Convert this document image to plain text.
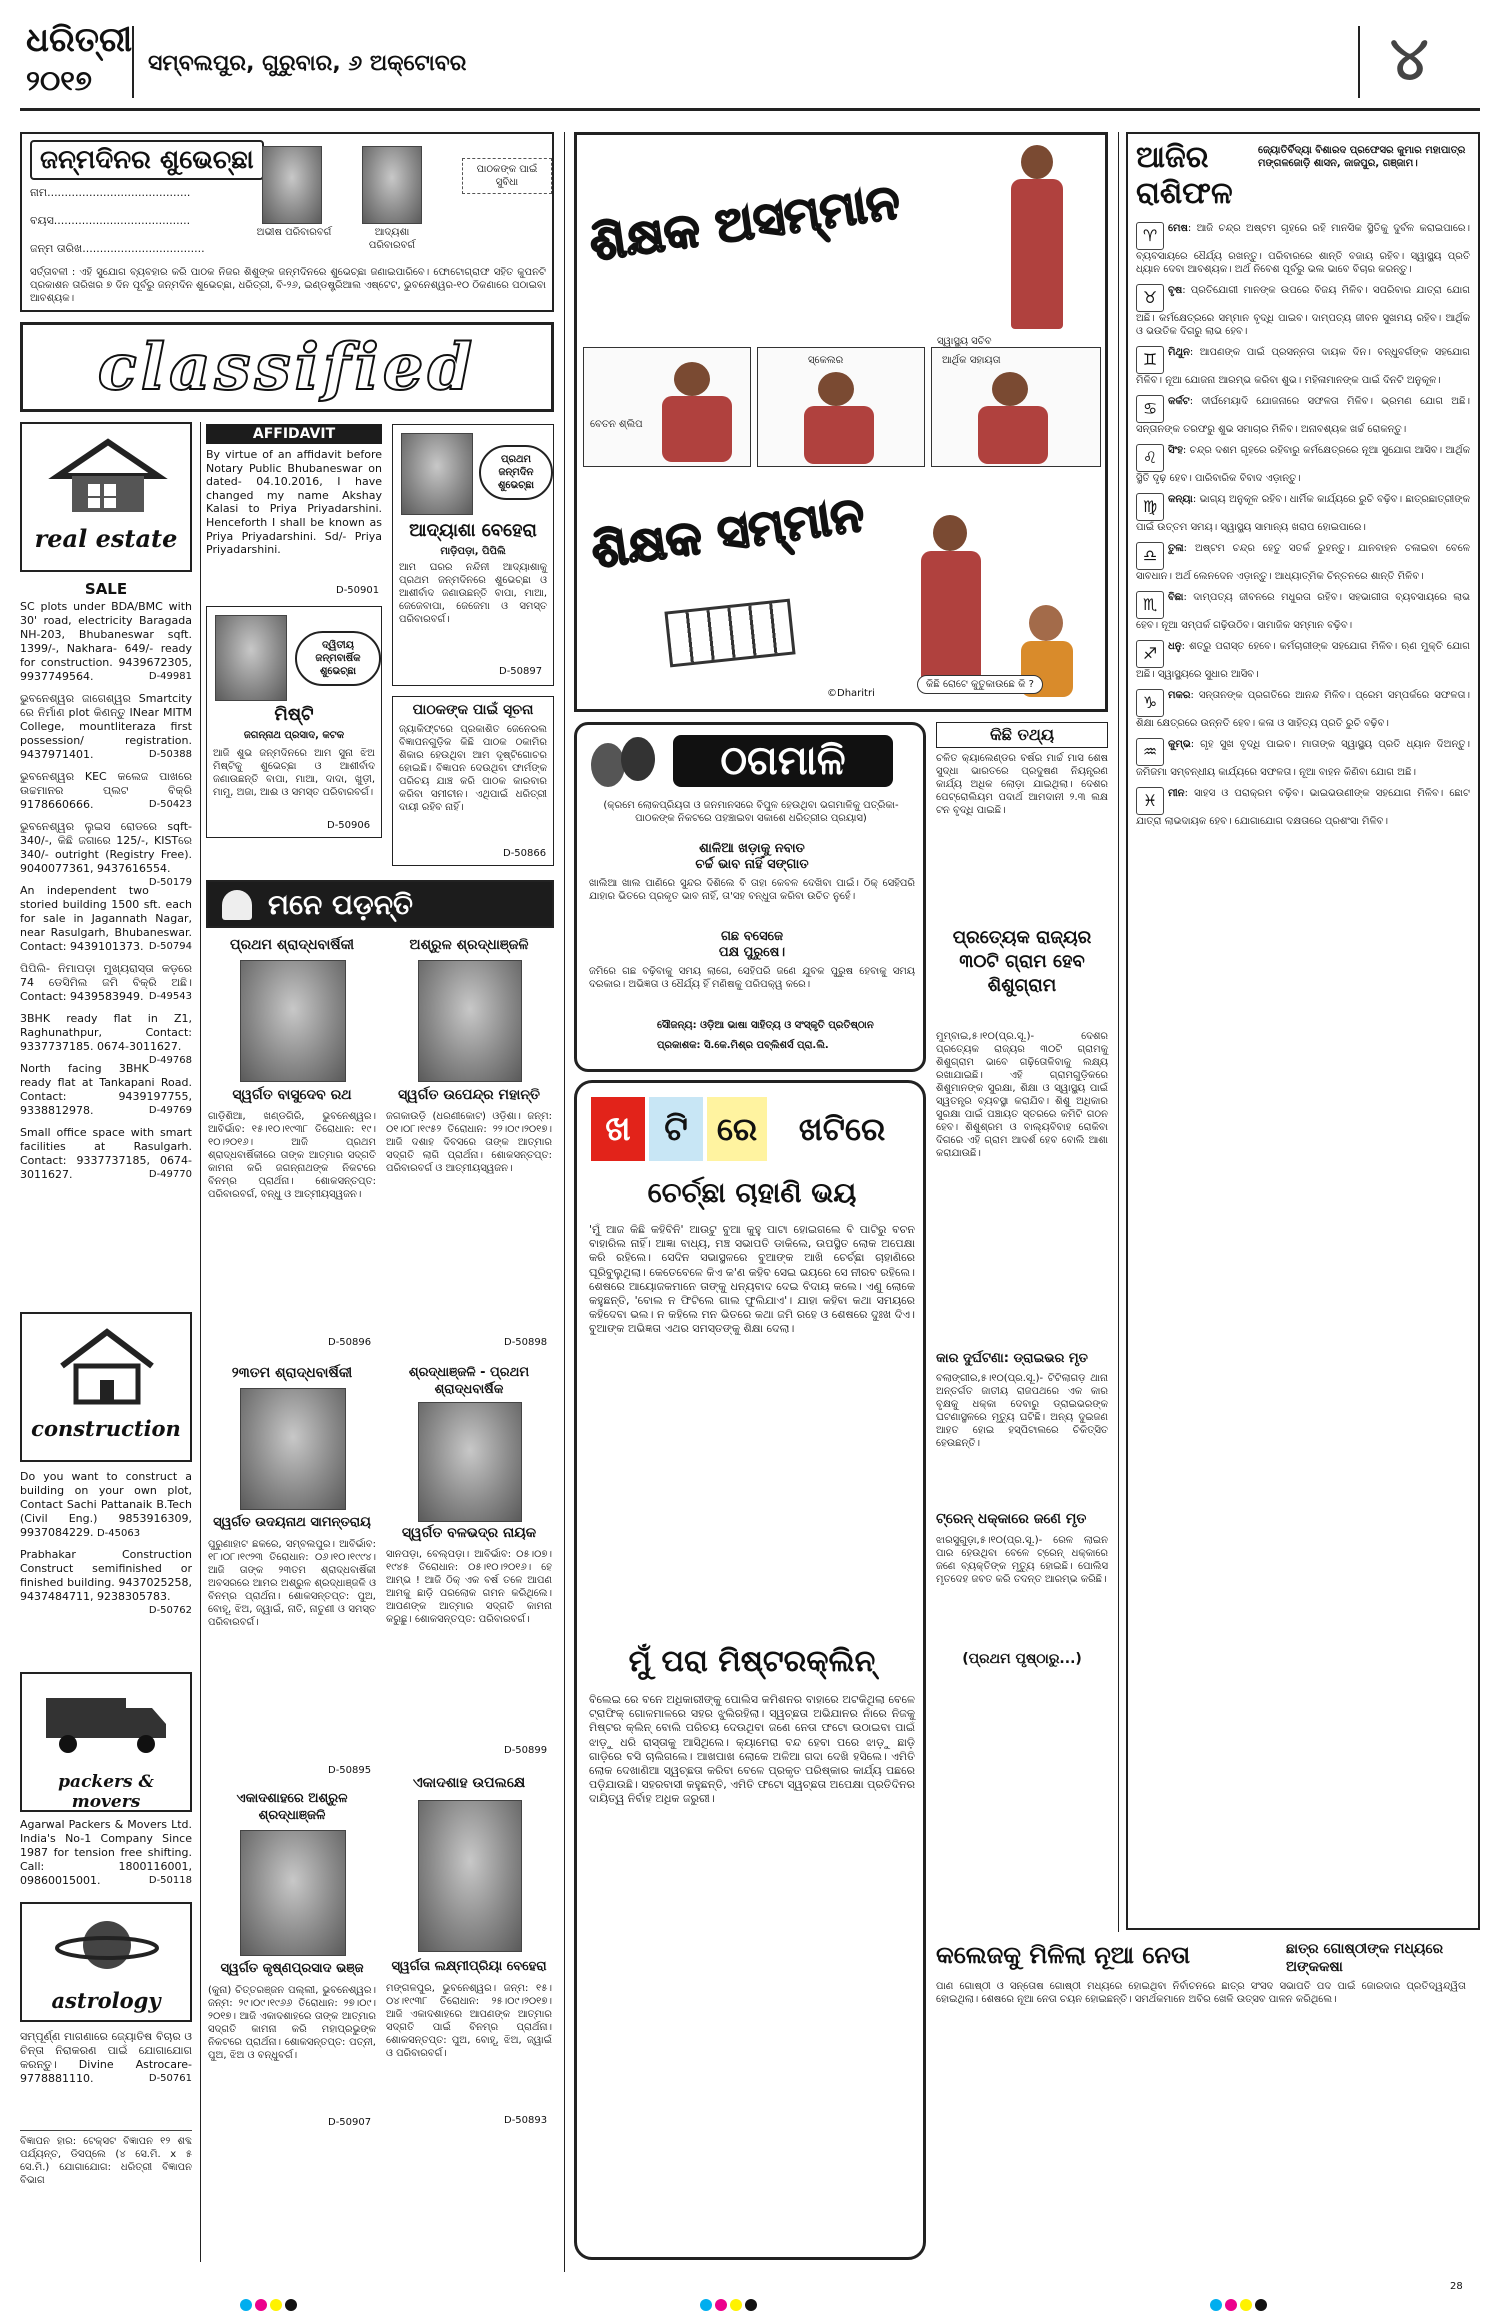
ଧରିତ୍ରୀ
୨୦୧୭
ସମ୍ବଲପୁର, ଗୁରୁବାର, ୬ ଅକ୍ଟୋବର	୪
ଜନ୍ମଦିନର ଶୁଭେଚ୍ଛା
ନାମ.........................................
ବୟସ.......................................
ଜନ୍ମ ତାରିଖ...................................
ଅଭୀଷ ପରିବାରବର୍ଗ	ଆଦ୍ୟଶା ପରିବାରବର୍ଗ
ପାଠକଙ୍କ ପାଇଁ ସୁବିଧା
ସର୍ତ୍ତାବଳୀ : ଏହି ସୁଯୋଗ ବ୍ୟବହାର କରି ପାଠକ ନିଜର ଶିଶୁଙ୍କ ଜନ୍ମଦିନରେ ଶୁଭେଚ୍ଛା ଜଣାଇପାରିବେ। ଫୋଟୋଗ୍ରାଫ ସହିତ କୁପନଟି ପ୍ରକାଶନ ତାରିଖର ୭ ଦିନ ପୂର୍ବରୁ ଜନ୍ମଦିନ ଶୁଭେଚ୍ଛା, ଧରିତ୍ରୀ, ବି-୨୬, ଇଣ୍ଡଷ୍ଟ୍ରିଆଲ ଏଷ୍ଟେଟ, ଭୁବନେଶ୍ୱର-୧୦ ଠିକଣାରେ ପଠାଇବା ଆବଶ୍ୟକ।
classified
real estate
SALE
SC plots under BDA/BMC with 30' road, electricity Baragada NH-203, Bhubaneswar sqft. 1399/-, Nakhara- 649/- ready for construction. 9439672305, 9937749564.	D-49981
ଭୁବନେଶ୍ୱର ଜାଗେଶ୍ୱର Smartcity ରେ ନିର୍ମାଣ plot କିଣନ୍ତୁ INear MITM College, mountliteraza first possession/ registration. 9437971401.	D-50388
ଭୁବନେଶ୍ୱର KEC କଲେଜ ପାଖରେ ଉଚ୍ଚମାନର ପ୍ଲଟ ବିକ୍ରି 9178660666.	D-50423
ଭୁବନେଶ୍ୱର ଲୁଇସ ରୋଡରେ sqft- 340/-, କିଛି ଜଗାରେ 125/-, KISTରେ 340/- outright (Registry Free). 9040077361, 9437616554.
D-50179
An independent two storied building 1500 sft. each for sale in Jagannath Nagar, near Rasulgarh, Bhubaneswar. Contact: 9439101373. D-50794
ପିପିଲି- ନିମାପଡ଼ା ମୁଖ୍ୟରାସ୍ତା କଡ଼ରେ 74 ଡେସିମିଲ ଜମି ବିକ୍ରି ଅଛି। Contact: 9439583949. D-49543
3BHK ready flat in Z1, Raghunathpur, Contact: 9337737185. 0674-3011627.
D-49768
North facing 3BHK ready flat at Tankapani Road. Contact: 9439197755, 9338812978.	D-49769
Small office space with smart facilities at Rasulgarh. Contact: 9337737185, 0674-3011627.	D-49770
construction
Do you want to construct a building on your own plot, Contact Sachi Pattanaik B.Tech (Civil Eng.) 9853916309, 9937084229. D-45063
Prabhakar Construction Construct semifinished or finished building. 9437025258, 9437484711, 9238305783.
D-50762
packers & movers
Agarwal Packers & Movers Ltd. India's No-1 Company Since 1987 for tension free shifting. Call: 1800116001, 09860015001.	D-50118
astrology
ସମ୍ପୂର୍ଣ୍ଣ ମାଗଣାରେ ଜ୍ୟୋତିଷ ବିଚାର ଓ ଚିନ୍ତା ନିରାକରଣ ପାଇଁ ଯୋଗାଯୋଗ କରନ୍ତୁ। Divine Astrocare- 9778881110.	D-50761
ବିଜ୍ଞାପନ ହାର: ଟେକ୍ସଟ ବିଜ୍ଞାପନ ୧୨ ଶବ୍ଦ ପର୍ଯ୍ୟନ୍ତ, ଡିସପ୍ଲେ (୪ ସେ.ମି. x ୫ ସେ.ମି.) ଯୋଗାଯୋଗ: ଧରିତ୍ରୀ ବିଜ୍ଞାପନ ବିଭାଗ
AFFIDAVIT
By virtue of an affidavit before Notary Public Bhubaneswar on dated- 04.10.2016, I have changed my name Akshay Kalasi to Priya Priyadarshini. Henceforth I shall be known as Priya Priyadarshini. Sd/- Priya Priyadarshini.
D-50901
ପ୍ରଥମ ଜନ୍ମଦିନ ଶୁଭେଚ୍ଛା
ଆଦ୍ୟାଶା ବେହେରା
ମାଡ଼ିପଡ଼ା, ପିପିଲି
ଆମ ଘରର ନନ୍ଦିନୀ ଆଦ୍ୟାଶାକୁ ପ୍ରଥମ ଜନ୍ମଦିନରେ ଶୁଭେଚ୍ଛା ଓ ଆଶୀର୍ବାଦ ଜଣାଉଛନ୍ତି ବାପା, ମାଆ, ଜେଜେବାପା, ଜେଜେମା ଓ ସମସ୍ତ ପରିବାରବର୍ଗ।
D-50897
ଦ୍ୱିତୀୟ ଜନ୍ମବାର୍ଷିକ ଶୁଭେଚ୍ଛା
ମିଷ୍ଟି
ଜଗନ୍ନାଥ ପ୍ରସାଦ, କଟକ
ଆଜି ଶୁଭ ଜନ୍ମଦିନରେ ଆମ ସୁନା ଝିଅ ମିଷ୍ଟିକୁ ଶୁଭେଚ୍ଛା ଓ ଆଶୀର୍ବାଦ ଜଣାଉଛନ୍ତି ବାପା, ମାଆ, ଦାଦା, ଖୁଡ଼ୀ, ମାମୁ, ଅଜା, ଆଈ ଓ ସମସ୍ତ ପରିବାରବର୍ଗ।
D-50906
ପାଠକଙ୍କ ପାଇଁ ସୂଚନା
ଜ୍ୟାକିଫ୍ଟରେ ପ୍ରକାଶିତ ଜେନେରଲ ବିଜ୍ଞାପନଗୁଡ଼ିକ କିଛି ପାଠକ ଠକାମିର ଶିକାର ହେଉଥିବା ଆମ ଦୃଷ୍ଟିଗୋଚର ହୋଇଛି। ବିଜ୍ଞାପନ ଦେଉଥିବା ଫାର୍ମଙ୍କ ପରିଚୟ ଯାଞ୍ଚ କରି ପାଠକ କାରବାର କରିବା ସମୀଚୀନ। ଏଥିପାଇଁ ଧରିତ୍ରୀ ଦାୟୀ ରହିବ ନାହିଁ।
D-50866
ମନେ ପଡ଼ନ୍ତି
ପ୍ରଥମ ଶ୍ରାଦ୍ଧବାର୍ଷିକୀ
ସ୍ୱର୍ଗତ ବାସୁଦେବ ରଥ
ଗାଡ଼ିଶିଆ, ଖଣ୍ଡଗିରି, ଭୁବନେଶ୍ୱର। ଆବିର୍ଭାବ: ୧୫।୧୦।୧୯୩୮ ତିରୋଧାନ: ୧୯।୧୦।୨୦୧୬। ଆଜି ପ୍ରଥମ ଶ୍ରାଦ୍ଧବାର୍ଷିକୀରେ ତାଙ୍କ ଆତ୍ମାର ସଦ୍‌ଗତି କାମନା କରି ଜଗନ୍ନାଥଙ୍କ ନିକଟରେ ବିନମ୍ର ପ୍ରାର୍ଥନା। ଶୋକସନ୍ତପ୍ତ: ପରିବାରବର୍ଗ, ବନ୍ଧୁ ଓ ଆତ୍ମୀୟସ୍ୱଜନ।
D-50896
ଅଶ୍ରୁଳ ଶ୍ରଦ୍ଧାଞ୍ଜଳି
ସ୍ୱର୍ଗତ ଉପେନ୍ଦ୍ର ମହାନ୍ତି
ଜଗକାଉଡ଼ି (ଧରଣୀକୋଟ) ଓଡ଼ିଶା। ଜନ୍ମ: ୦୧।୦୮।୧୯୫୨ ତିରୋଧାନ: ୨୨।୦୯।୨୦୧୭। ଆଜି ଦଶାହ ଦିବସରେ ତାଙ୍କ ଆତ୍ମାର ସଦ୍‌ଗତି ଲାଗି ପ୍ରାର୍ଥନା। ଶୋକସନ୍ତପ୍ତ: ପରିବାରବର୍ଗ ଓ ଆତ୍ମୀୟସ୍ୱଜନ।
D-50898
୨୩ତମ ଶ୍ରାଦ୍ଧବାର୍ଷିକୀ
ସ୍ୱର୍ଗତ ଉଦୟନାଥ ସାମନ୍ତରାୟ
ପୁରୁଣାହାଟ ଛକରେ, ସମ୍ବଲପୁର। ଆବିର୍ଭାବ: ୧୮।୦୮।୧୯୨୩ ତିରୋଧାନ: ୦୬।୧୦।୧୯୯୪। ଆଜି ତାଙ୍କ ୨୩ତମ ଶ୍ରାଦ୍ଧବାର୍ଷିକୀ ଅବସରରେ ଆମର ଅଶ୍ରୁଳ ଶ୍ରଦ୍ଧାଞ୍ଜଳି ଓ ବିନମ୍ର ପ୍ରାର୍ଥନା। ଶୋକସନ୍ତପ୍ତ: ପୁଅ, ବୋହୂ, ଝିଅ, ଜ୍ୱାଇଁ, ନାତି, ନାତୁଣୀ ଓ ସମସ୍ତ ପରିବାରବର୍ଗ।
D-50895
ଶ୍ରଦ୍ଧାଞ୍ଜଳି - ପ୍ରଥମ ଶ୍ରାଦ୍ଧବାର୍ଷିକ
ସ୍ୱର୍ଗତ ବଳଭଦ୍ର ନାୟକ
ସାନପଡ଼ା, ବେଲ୍‌ପଡ଼ା। ଆବିର୍ଭାବ: ୦୫।୦୭।୧୯୪୫ ତିରୋଧାନ: ୦୫।୧୦।୨୦୧୬। ହେ ଆମ୍ଭ ! ଆଜି ଠିକ୍ ଏକ ବର୍ଷ ତଳେ ଆପଣ ଆମକୁ ଛାଡ଼ି ପରଲୋକ ଗମନ କରିଥିଲେ। ଆପଣଙ୍କ ଆତ୍ମାର ସଦ୍‌ଗତି କାମନା କରୁଛୁ। ଶୋକସନ୍ତପ୍ତ: ପରିବାରବର୍ଗ।
D-50899
ଏକାଦଶାହରେ ଅଶ୍ରୁଳ ଶ୍ରଦ୍ଧାଞ୍ଜଳି
ସ୍ୱର୍ଗତ କୃଷ୍ଣପ୍ରସାଦ ଭଞ୍ଜ
(କୁନା) ଚିତ୍ତରଞ୍ଜନ ପଲ୍ଲୀ, ଭୁବନେଶ୍ୱର। ଜନ୍ମ: ୨୯।୦୯।୧୯୬୬ ତିରୋଧାନ: ୨୭।୦୯।୨୦୧୭। ଆଜି ଏକାଦଶାହରେ ତାଙ୍କ ଆତ୍ମାର ସଦ୍‌ଗତି କାମନା କରି ମହାପ୍ରଭୁଙ୍କ ନିକଟରେ ପ୍ରାର୍ଥନା। ଶୋକସନ୍ତପ୍ତ: ପତ୍ନୀ, ପୁଅ, ଝିଅ ଓ ବନ୍ଧୁବର୍ଗ।
D-50907
ଏକାଦଶାହ ଉପଲକ୍ଷେ
ସ୍ୱର୍ଗତା ଲକ୍ଷ୍ମୀପ୍ରିୟା ବେହେରା
ମଙ୍ଗଳପୁର, ଭୁବନେଶ୍ୱର। ଜନ୍ମ: ୧୫।୦୪।୧୯୩୮ ତିରୋଧାନ: ୨୫।୦୯।୨୦୧୭। ଆଜି ଏକାଦଶାହରେ ଆପଣଙ୍କ ଆତ୍ମାର ସଦ୍‌ଗତି ପାଇଁ ବିନମ୍ର ପ୍ରାର୍ଥନା। ଶୋକସନ୍ତପ୍ତ: ପୁଅ, ବୋହୂ, ଝିଅ, ଜ୍ୱାଇଁ ଓ ପରିବାରବର୍ଗ।
D-50893
ଶିକ୍ଷକ ଅସମ୍ମାନ
ସ୍ୱାସ୍ଥ୍ୟ ସଚିବ
ବେତନ ଶ୍ଲିପ
ସ୍କେଲର	ଆର୍ଥିକ ସହାୟତା
ଶିକ୍ଷକ ସମ୍ମାନ
କିଛି ରୋଟେ କୁତୁକାଉଛେ କି ?
©Dharitri
ଠଗମାଳି
(କ୍ରମେ ଲୋକପ୍ରିୟତା ଓ ଜନମାନସରେ ବିପୁଳ ହେଉଥିବା ଭଗମାଳିକୁ ପତ୍ରିକା-ପାଠକଙ୍କ ନିକଟରେ ପହଞ୍ଚାଇବା ସକାଶେ ଧରିତ୍ରୀର ପ୍ରୟାସ)
ଶାଳିଆ ଖଡ଼ାକୁ ନବାତ
ଚର୍ଚ୍ଚ ଭାବ ନାହିଁ ସଙ୍ଗାତ
ଖାଲିଆ ଖାଲ ପାଣିରେ ସୁନ୍ଦର ଦିଶିଲେ ବି ତାହା କେବଳ ଦେଖିବା ପାଇଁ। ଠିକ୍ ସେହିପରି ଯାହାର ଭିତରେ ପ୍ରକୃତ ଭାବ ନାହିଁ, ତା'ସହ ବନ୍ଧୁତା କରିବା ଉଚିତ ନୁହେଁ।
ଗଛ ବସେଜେ
ପକ୍ଷ ପୁରୁଷେ।
ଜମିରେ ଗଛ ବଢ଼ିବାକୁ ସମୟ ଲାଗେ, ସେହିପରି ଜଣେ ଯୁବକ ପୁରୁଷ ହେବାକୁ ସମୟ ଦରକାର। ଅଭିଜ୍ଞତା ଓ ଧୈର୍ଯ୍ୟ ହିଁ ମଣିଷକୁ ପରିପକ୍ୱ କରେ।
ସୌଜନ୍ୟ: ଓଡ଼ିଆ ଭାଷା ସାହିତ୍ୟ ଓ ସଂସ୍କୃତି ପ୍ରତିଷ୍ଠାନ
ପ୍ରକାଶକ: ସି.କେ.ମିଶ୍ର ପବ୍ଲିଶର୍ସ ପ୍ରା.ଲି.
କିଛି ତଥ୍ୟ
ଚଳିତ କ୍ୟାଲେଣ୍ଡର ବର୍ଷର ମାର୍ଚ୍ଚ ମାସ ଶେଷ ସୁଦ୍ଧା ଭାରତରେ ପ୍ରଦୁଷଣ ନିୟନ୍ତ୍ରଣ କାର୍ଯ୍ୟ ଅଧିକ ଲୋଡ଼ା ଯାଇଥିଲା। ଦେଶର ପେଟ୍ରୋଲିୟମ ପଦାର୍ଥ ଆମଦାନୀ ୨.୩ ଲକ୍ଷ ଟନ ବୃଦ୍ଧି ପାଇଛି।
ପ୍ରତ୍ୟେକ ରାଜ୍ୟର ୩୦ଟି ଗ୍ରାମ ହେବ ଶିଶୁଗ୍ରାମ
ମୁମ୍ବାଇ,୫।୧୦(ପ୍ର.ସୂ.)- ଦେଶର ପ୍ରତ୍ୟେକ ରାଜ୍ୟର ୩୦ଟି ଗ୍ରାମକୁ ଶିଶୁଗ୍ରାମ ଭାବେ ଗଢ଼ିତୋଳିବାକୁ ଲକ୍ଷ୍ୟ ରଖାଯାଇଛି। ଏହି ଗ୍ରାମଗୁଡ଼ିକରେ ଶିଶୁମାନଙ୍କ ସୁରକ୍ଷା, ଶିକ୍ଷା ଓ ସ୍ୱାସ୍ଥ୍ୟ ପାଇଁ ସ୍ୱତନ୍ତ୍ର ବ୍ୟବସ୍ଥା କରାଯିବ। ଶିଶୁ ଅଧିକାର ସୁରକ୍ଷା ପାଇଁ ପଞ୍ଚାୟତ ସ୍ତରରେ କମିଟି ଗଠନ ହେବ। ଶିଶୁଶ୍ରମ ଓ ବାଲ୍ୟବିବାହ ରୋକିବା ଦିଗରେ ଏହି ଗ୍ରାମ ଆଦର୍ଶ ହେବ ବୋଲି ଆଶା କରାଯାଉଛି।
ଖ ଟି ରେ	ଖଟିରେ
ଚେର୍ଚ୍ଛା ଚାହାଣି ଭୟ
'ମୁଁ ଆଜ କିଛି କହିବିନି' ଆଉଟୁ ବୁଆ କୁହୁ ପାଟା ହୋଇଗଲେ ବି ପାଟିରୁ ବଚନ ବାହାରିଲ ନାହିଁ। ଆଜ୍ଞା ବାଧ୍ୟ, ମଞ୍ଚ ସଭାପତି ଡାକିଲେ, ଉପସ୍ଥିତ ଲୋକ ଅପେକ୍ଷା କରି ରହିଲେ। ସେଦିନ ସଭାସ୍ଥଳରେ ବୁଆଙ୍କ ଆଖି ଚେର୍ଚ୍ଛା ଚାହାଣିରେ ଘୂରିବୁଲୁଥିଲା। କେତେବେଳେ କିଏ କ'ଣ କହିବ ସେଇ ଭୟରେ ସେ ନୀରବ ରହିଲେ। ଶେଷରେ ଆୟୋଜକମାନେ ତାଙ୍କୁ ଧନ୍ୟବାଦ ଦେଇ ବିଦାୟ କଲେ। ଏଣୁ ଲୋକେ କହୁଛନ୍ତି, 'ବୋଲ ନ ଫିଟିଲେ ଗାଲ ଫୁଲିଯାଏ'। ଯାହା କହିବା କଥା ସମୟରେ କହିଦେବା ଭଲ। ନ କହିଲେ ମନ ଭିତରେ କଥା ଜମି ରହେ ଓ ଶେଷରେ ଦୁଃଖ ଦିଏ। ବୁଆଙ୍କ ଅଭିଜ୍ଞତା ଏଥର ସମସ୍ତଙ୍କୁ ଶିକ୍ଷା ଦେଲା।
ମୁଁ ପରା ମିଷ୍ଟରକ୍ଲିନ୍
ବିଲେଇ ରେ ବନେ ଅଧିକାରୀଙ୍କୁ ପୋଲିସ କମିଶନର ବାହାରେ ଅଟକିଥିଲା ବେଳେ ଟ୍ରାଫିକ୍ ଗୋଳମାଳରେ ସହର ଝୁଲିରହିଲା। ସ୍ୱଚ୍ଛତା ଅଭିଯାନର ନାଁରେ ନିଜକୁ ମିଷ୍ଟର କ୍ଲିନ୍ ବୋଲି ପରିଚୟ ଦେଉଥିବା ଜଣେ ନେତା ଫଟୋ ଉଠାଇବା ପାଇଁ ଝାଡ଼ୁ ଧରି ରାସ୍ତାକୁ ଆସିଥିଲେ। କ୍ୟାମେରା ବନ୍ଦ ହେବା ପରେ ଝାଡ଼ୁ ଛାଡ଼ି ଗାଡ଼ିରେ ବସି ଚାଲିଗଲେ। ଆଖପାଖ ଲୋକେ ଅଳିଆ ଗଦା ଦେଖି ହସିଲେ। ଏମିତି ଲୋକ ଦେଖାଣିଆ ସ୍ୱଚ୍ଛତା କରିବା ବେଳେ ପ୍ରକୃତ ପରିଷ୍କାର କାର୍ଯ୍ୟ ପଛରେ ପଡ଼ିଯାଉଛି। ସହରବାସୀ କହୁଛନ୍ତି, ଏମିତି ଫଟୋ ସ୍ୱଚ୍ଛତା ଅପେକ୍ଷା ପ୍ରତିଦିନର ଦାୟିତ୍ୱ ନିର୍ବାହ ଅଧିକ ଜରୁରୀ।
କାର ଦୁର୍ଘଟଣା: ଡ୍ରାଇଭର ମୃତ
ବଲାଙ୍ଗୀର,୫।୧୦(ପ୍ର.ସୂ.)- ଟିଟିଲାଗଡ଼ ଥାନା ଅନ୍ତର୍ଗତ ଜାତୀୟ ରାଜପଥରେ ଏକ କାର ବୃକ୍ଷକୁ ଧକ୍କା ଦେବାରୁ ଡ୍ରାଇଭରଙ୍କ ଘଟଣାସ୍ଥଳରେ ମୃତ୍ୟୁ ଘଟିଛି। ଅନ୍ୟ ଦୁଇଜଣ ଆହତ ହୋଇ ହସ୍ପିଟାଲରେ ଚିକିତ୍ସିତ ହେଉଛନ୍ତି।
ଟ୍ରେନ୍ ଧକ୍କାରେ ଜଣେ ମୃତ
ଝାରସୁଗୁଡ଼ା,୫।୧୦(ପ୍ର.ସୂ.)- ରେଳ ଲାଇନ ପାର ହେଉଥିବା ବେଳେ ଟ୍ରେନ୍ ଧକ୍କାରେ ଜଣେ ବ୍ୟକ୍ତିଙ୍କ ମୃତ୍ୟୁ ହୋଇଛି। ପୋଲିସ ମୃତଦେହ ଜବତ କରି ତଦନ୍ତ ଆରମ୍ଭ କରିଛି।
(ପ୍ରଥମ ପୃଷ୍ଠାରୁ...)
କଲେଜକୁ ମିଳିଲା ନୂଆ ନେତା	ଛାତ୍ର ଗୋଷ୍ଠୀଙ୍କ ମଧ୍ୟରେ ଅଙ୍କକଷା
ପାଣ ଗୋଷ୍ଠୀ ଓ ସନ୍ତୋଷ ଗୋଷ୍ଠୀ ମଧ୍ୟରେ ହୋଇଥିବା ନିର୍ବାଚନରେ ଛାତ୍ର ସଂସଦ ସଭାପତି ପଦ ପାଇଁ ଜୋରଦାର ପ୍ରତିଦ୍ୱନ୍ଦ୍ୱିତା ହୋଇଥିଲା। ଶେଷରେ ନୂଆ ନେତା ଚୟନ ହୋଇଛନ୍ତି। ସମର୍ଥକମାନେ ଅବିର ଖେଳି ଉତ୍ସବ ପାଳନ କରିଥିଲେ।
ଆଜିର ରାଶିଫଳ
ଜ୍ୟୋତିର୍ବିଦ୍ୟା ବିଶାରଦ ପ୍ରଫେସର କୁମାର ମହାପାତ୍ର ମଙ୍ଗଳଜୋଡ଼ି ଶାସନ, ଜାଜପୁର, ଗଞ୍ଜାମ।
♈ ମେଷ: ଆଜି ଚନ୍ଦ୍ର ଅଷ୍ଟମ ଗୃହରେ ରହି ମାନସିକ ସ୍ଥିତିକୁ ଦୁର୍ବଳ କରାଇପାରେ। ବ୍ୟବସାୟରେ ଧୈର୍ଯ୍ୟ ରଖନ୍ତୁ। ପରିବାରରେ ଶାନ୍ତି ବଜାୟ ରହିବ। ସ୍ୱାସ୍ଥ୍ୟ ପ୍ରତି ଧ୍ୟାନ ଦେବା ଆବଶ୍ୟକ। ଅର୍ଥ ନିବେଶ ପୂର୍ବରୁ ଭଲ ଭାବେ ବିଚାର କରନ୍ତୁ।
♉ ବୃଷ: ପ୍ରତିଯୋଗୀ ମାନଙ୍କ ଉପରେ ବିଜୟ ମିଳିବ। ସପରିବାର ଯାତ୍ରା ଯୋଗ ଅଛି। କର୍ମକ୍ଷେତ୍ରରେ ସମ୍ମାନ ବୃଦ୍ଧି ପାଇବ। ଦାମ୍ପତ୍ୟ ଜୀବନ ସୁଖମୟ ରହିବ। ଆର୍ଥିକ ଓ ଭଉତିକ ଦିଗରୁ ଲାଭ ହେବ।
♊ ମିଥୁନ: ଆପଣଙ୍କ ପାଇଁ ପ୍ରସନ୍ନତା ଦାୟକ ଦିନ। ବନ୍ଧୁବର୍ଗଙ୍କ ସହଯୋଗ ମିଳିବ। ନୂଆ ଯୋଜନା ଆରମ୍ଭ କରିବା ଶୁଭ। ମହିଳାମାନଙ୍କ ପାଇଁ ଦିନଟି ଅନୁକୂଳ।
♋ କର୍କଟ: ଦୀର୍ଘମେୟାଦି ଯୋଜନାରେ ସଫଳତା ମିଳିବ। ଭ୍ରମଣ ଯୋଗ ଅଛି। ସନ୍ତାନଙ୍କ ତରଫରୁ ଶୁଭ ସମାଚାର ମିଳିବ। ଅନାବଶ୍ୟକ ଖର୍ଚ୍ଚ ରୋକନ୍ତୁ।
♌ ସିଂହ: ଚନ୍ଦ୍ର ଦଶମ ଗୃହରେ ରହିବାରୁ କର୍ମକ୍ଷେତ୍ରରେ ନୂଆ ସୁଯୋଗ ଆସିବ। ଆର୍ଥିକ ସ୍ଥିତି ଦୃଢ଼ ହେବ। ପାରିବାରିକ ବିବାଦ ଏଡ଼ାନ୍ତୁ।
♍ କନ୍ୟା: ଭାଗ୍ୟ ଅନୁକୂଳ ରହିବ। ଧାର୍ମିକ କାର୍ଯ୍ୟରେ ରୁଚି ବଢ଼ିବ। ଛାତ୍ରଛାତ୍ରୀଙ୍କ ପାଇଁ ଉତ୍ତମ ସମୟ। ସ୍ୱାସ୍ଥ୍ୟ ସାମାନ୍ୟ ଖରାପ ହୋଇପାରେ।
♎ ତୁଳା: ଅଷ୍ଟମ ଚନ୍ଦ୍ର ହେତୁ ସତର୍କ ରୁହନ୍ତୁ। ଯାନବାହନ ଚଳାଇବା ବେଳେ ସାବଧାନ। ଅର୍ଥ ଲେନଦେନ ଏଡ଼ାନ୍ତୁ। ଆଧ୍ୟାତ୍ମିକ ଚିନ୍ତନରେ ଶାନ୍ତି ମିଳିବ।
♏ ବିଛା: ଦାମ୍ପତ୍ୟ ଜୀବନରେ ମଧୁରତା ରହିବ। ସହଭାଗୀତା ବ୍ୟବସାୟରେ ଲାଭ ହେବ। ନୂଆ ସମ୍ପର୍କ ଗଢ଼ିଉଠିବ। ସାମାଜିକ ସମ୍ମାନ ବଢ଼ିବ।
♐ ଧନୁ: ଶତ୍ରୁ ପରାସ୍ତ ହେବେ। କର୍ମଚାରୀଙ୍କ ସହଯୋଗ ମିଳିବ। ଋଣ ମୁକ୍ତି ଯୋଗ ଅଛି। ସ୍ୱାସ୍ଥ୍ୟରେ ସୁଧାର ଆସିବ।
♑ ମକର: ସନ୍ତାନଙ୍କ ପ୍ରଗତିରେ ଆନନ୍ଦ ମିଳିବ। ପ୍ରେମ ସମ୍ପର୍କରେ ସଫଳତା। ଶିକ୍ଷା କ୍ଷେତ୍ରରେ ଉନ୍ନତି ହେବ। କଳା ଓ ସାହିତ୍ୟ ପ୍ରତି ରୁଚି ବଢ଼ିବ।
♒ କୁମ୍ଭ: ଗୃହ ସୁଖ ବୃଦ୍ଧି ପାଇବ। ମାତାଙ୍କ ସ୍ୱାସ୍ଥ୍ୟ ପ୍ରତି ଧ୍ୟାନ ଦିଅନ୍ତୁ। ଜମିଜମା ସମ୍ବନ୍ଧୀୟ କାର୍ଯ୍ୟରେ ସଫଳତା। ନୂଆ ବାହନ କିଣିବା ଯୋଗ ଅଛି।
♓ ମୀନ: ସାହସ ଓ ପରାକ୍ରମ ବଢ଼ିବ। ଭାଇଭଉଣୀଙ୍କ ସହଯୋଗ ମିଳିବ। ଛୋଟ ଯାତ୍ରା ଲାଭଦାୟକ ହେବ। ଯୋଗାଯୋଗ ଦକ୍ଷତାରେ ପ୍ରଶଂସା ମିଳିବ।
28
